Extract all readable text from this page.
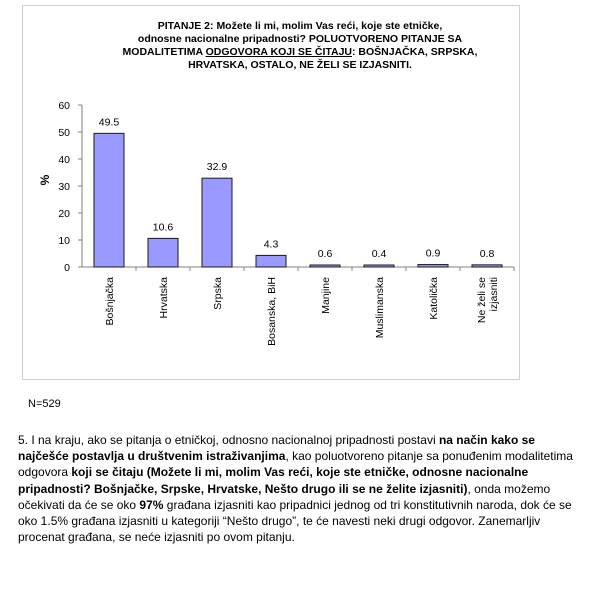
PITANJE 2: Možete li mi, molim Vas reći, koje ste etničke,
odnosne nacionalne pripadnosti? POLUOTVORENO PITANJE SA
MODALITETIMA ODGOVORA KOJI SE ČITAJU: BOŠNJAČKA, SRPSKA,
HRVATSKA, OSTALO, NE ŽELI SE IZJASNITI.
0
10
20
30
40
50
60
%
49.5
Bošnjačka
10.6
Hrvatska
32.9
Srpska
4.3
Bosanska, BiH
0.6
Manjine
0.4
Muslimanska
0.9
Katolička
0.8
Ne želi se izjasniti
N=529
5. I na kraju, ako se pitanja o etničkoj, odnosno nacionalnoj pripadnosti postavi na način kako se najčešće postavlja u društvenim istraživanjima, kao poluotvoreno pitanje sa ponuđenim modalitetima odgovora koji se čitaju (Možete li mi, molim Vas reći, koje ste etničke, odnosne nacionalne pripadnosti? Bošnjačke, Srpske, Hrvatske, Nešto drugo ili se ne želite izjasniti), onda možemo očekivati da će se oko 97% građana izjasniti kao pripadnici jednog od tri konstitutivnih naroda, dok će se oko 1.5% građana izjasniti u kategoriji “Nešto drugo”, te će navesti neki drugi odgovor. Zanemarljiv procenat građana, se neće izjasniti po ovom pitanju.
